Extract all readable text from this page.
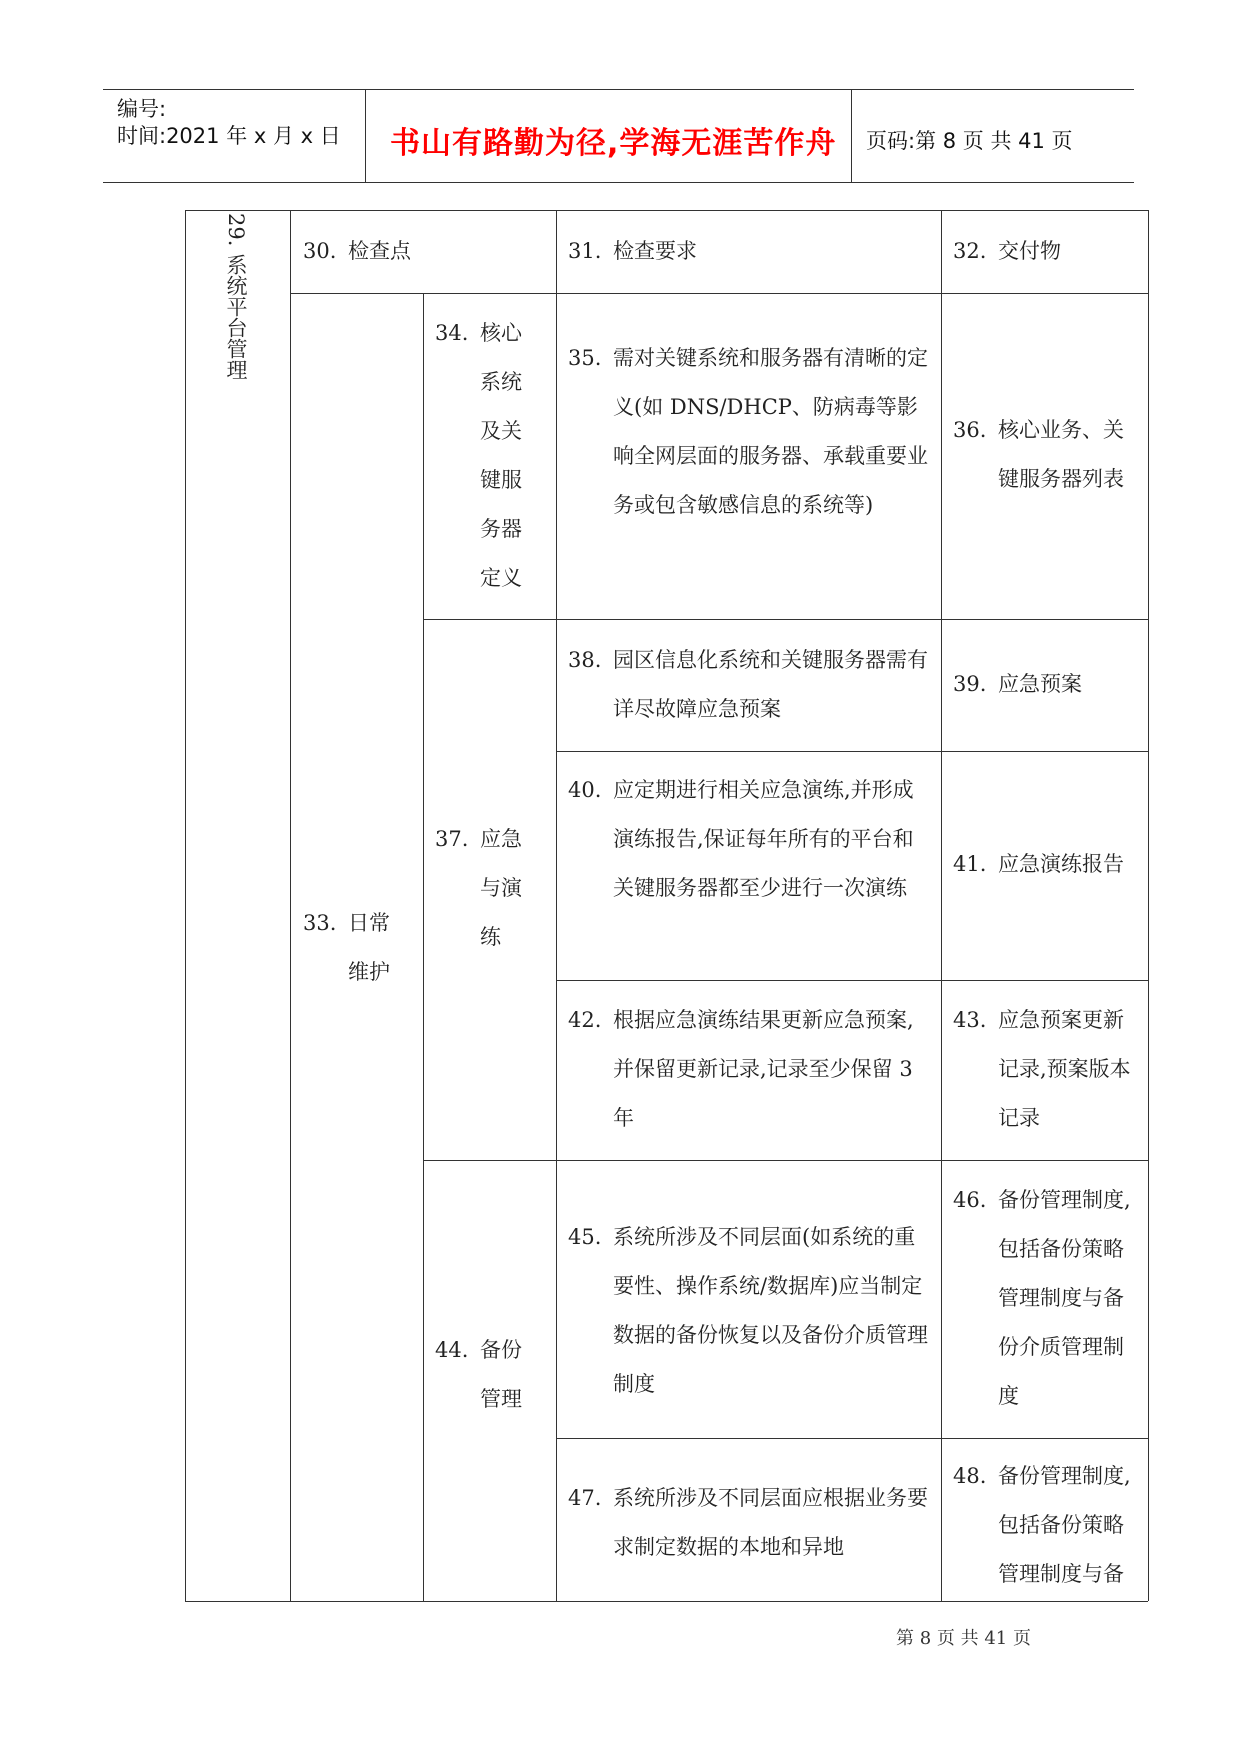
编号:
时间:2021 年 x 月 x 日 书山有路勤为径,学海无涯苦作舟 页码:第 8 页 共 41 页
29.
系统平台管理
30. 检查点	31. 检查要求	32. 交付物
33. 日常维护
34. 核心系统及关键服务器定义
37. 应急与演练
44. 备份管理
35. 需对关键系统和服务器有清晰的定义(如 DNS/DHCP、防病毒等影响全网层面的服务器、承载重要业务或包含敏感信息的系统等)
38. 园区信息化系统和关键服务器需有详尽故障应急预案
40. 应定期进行相关应急演练,并形成演练报告,保证每年所有的平台和关键服务器都至少进行一次演练
42. 根据应急演练结果更新应急预案,并保留更新记录,记录至少保留 3 年
45. 系统所涉及不同层面(如系统的重要性、操作系统/数据库)应当制定数据的备份恢复以及备份介质管理制度
47. 系统所涉及不同层面应根据业务要求制定数据的本地和异地
36. 核心业务、关键服务器列表
39. 应急预案
41. 应急演练报告
43. 应急预案更新记录,预案版本记录
46. 备份管理制度,包括备份策略管理制度与备份介质管理制度
48. 备份管理制度,包括备份策略管理制度与备
第 8 页 共 41 页
